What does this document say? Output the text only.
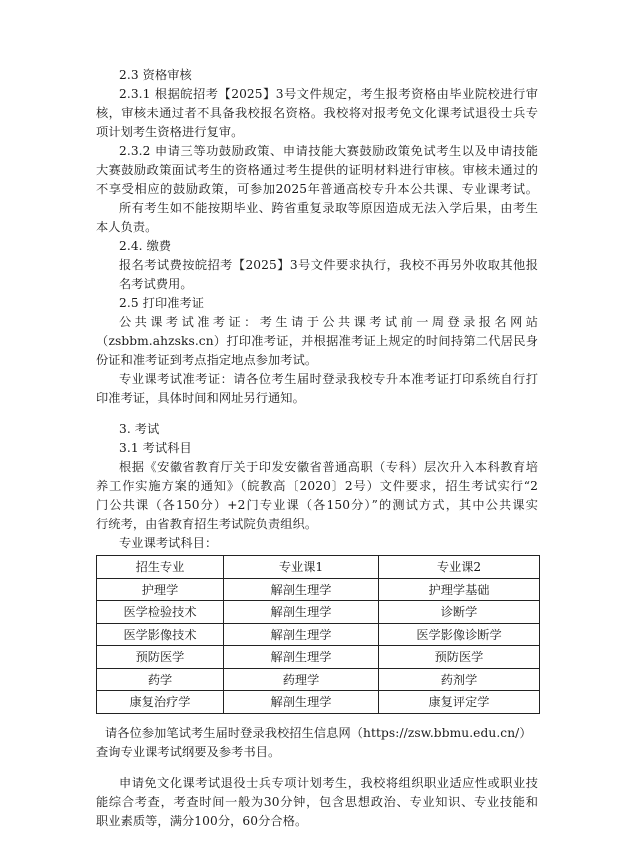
2.3 资格审核
2.3.1 根据皖招考【2025】3号文件规定，考生报考资格由毕业院校进行审
核，审核未通过者不具备我校报名资格。我校将对报考免文化课考试退役士兵专
项计划考生资格进行复审。
2.3.2 申请三等功鼓励政策、申请技能大赛鼓励政策免试考生以及申请技能
大赛鼓励政策面试考生的资格通过考生提供的证明材料进行审核。审核未通过的
不享受相应的鼓励政策，可参加2025年普通高校专升本公共课、专业课考试。
所有考生如不能按期毕业、跨省重复录取等原因造成无法入学后果，由考生
本人负责。
2.4. 缴费
报名考试费按皖招考【2025】3号文件要求执行，我校不再另外收取其他报
名考试费用。
2.5 打印准考证
公共课考试准考证：考生请于公共课考试前一周登录报名网站
（zsbbm.ahzsks.cn）打印准考证，并根据准考证上规定的时间持第二代居民身
份证和准考证到考点指定地点参加考试。
专业课考试准考证：请各位考生届时登录我校专升本准考证打印系统自行打
印准考证，具体时间和网址另行通知。
3. 考试
3.1 考试科目
根据《安徽省教育厅关于印发安徽省普通高职（专科）层次升入本科教育培
养工作实施方案的通知》（皖教高〔2020〕2号）文件要求，招生考试实行“2
门公共课（各150分）+2门专业课（各150分）”的测试方式，其中公共课实
行统考，由省教育招生考试院负责组织。
专业课考试科目：
招生专业	专业课1	专业课2
护理学	解剖生理学	护理学基础
医学检验技术	解剖生理学	诊断学
医学影像技术	解剖生理学	医学影像诊断学
预防医学	解剖生理学	预防医学
药学	药理学	药剂学
康复治疗学	解剖生理学	康复评定学
请各位参加笔试考生届时登录我校招生信息网（https://zsw.bbmu.edu.cn/）
查询专业课考试纲要及参考书目。
申请免文化课考试退役士兵专项计划考生，我校将组织职业适应性或职业技
能综合考查，考查时间一般为30分钟，包含思想政治、专业知识、专业技能和
职业素质等，满分100分，60分合格。
